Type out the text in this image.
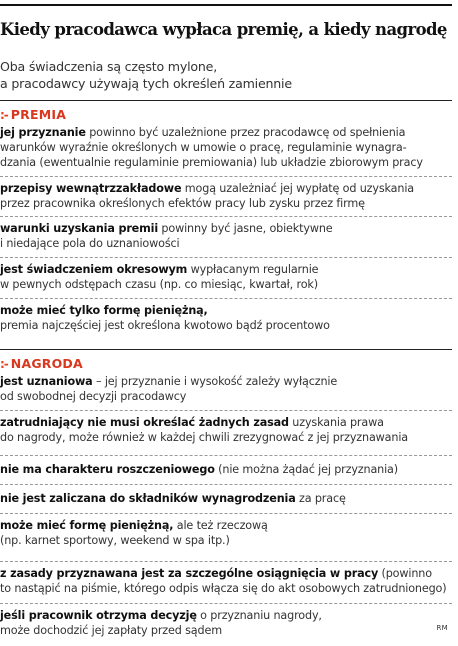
Kiedy pracodawca wypłaca premię, a kiedy nagrodę
Oba świadczenia są często mylone,
a pracodawcy używają tych określeń zamiennie
:- PREMIA
jej przyznanie powinno być uzależnione przez pracodawcę od spełnienia
warunków wyraźnie określonych w umowie o pracę, regulaminie wynagra-
dzania (ewentualnie regulaminie premiowania) lub układzie zbiorowym pracy
przepisy wewnątrzzakładowe mogą uzależniać jej wypłatę od uzyskania
przez pracownika określonych efektów pracy lub zysku przez firmę
warunki uzyskania premii powinny być jasne, obiektywne
i niedające pola do uznaniowości
jest świadczeniem okresowym wypłacanym regularnie
w pewnych odstępach czasu (np. co miesiąc, kwartał, rok)
może mieć tylko formę pieniężną,
premia najczęściej jest określona kwotowo bądź procentowo
:- NAGRODA
jest uznaniowa – jej przyznanie i wysokość zależy wyłącznie
od swobodnej decyzji pracodawcy
zatrudniający nie musi określać żadnych zasad uzyskania prawa
do nagrody, może również w każdej chwili zrezygnować z jej przyznawania
nie ma charakteru roszczeniowego (nie można żądać jej przyznania)
nie jest zaliczana do składników wynagrodzenia za pracę
może mieć formę pieniężną, ale też rzeczową
(np. karnet sportowy, weekend w spa itp.)
z zasady przyznawana jest za szczególne osiągnięcia w pracy (powinno
to nastąpić na piśmie, którego odpis włącza się do akt osobowych zatrudnionego)
jeśli pracownik otrzyma decyzję o przyznaniu nagrody,
może dochodzić jej zapłaty przed sądem	RM
